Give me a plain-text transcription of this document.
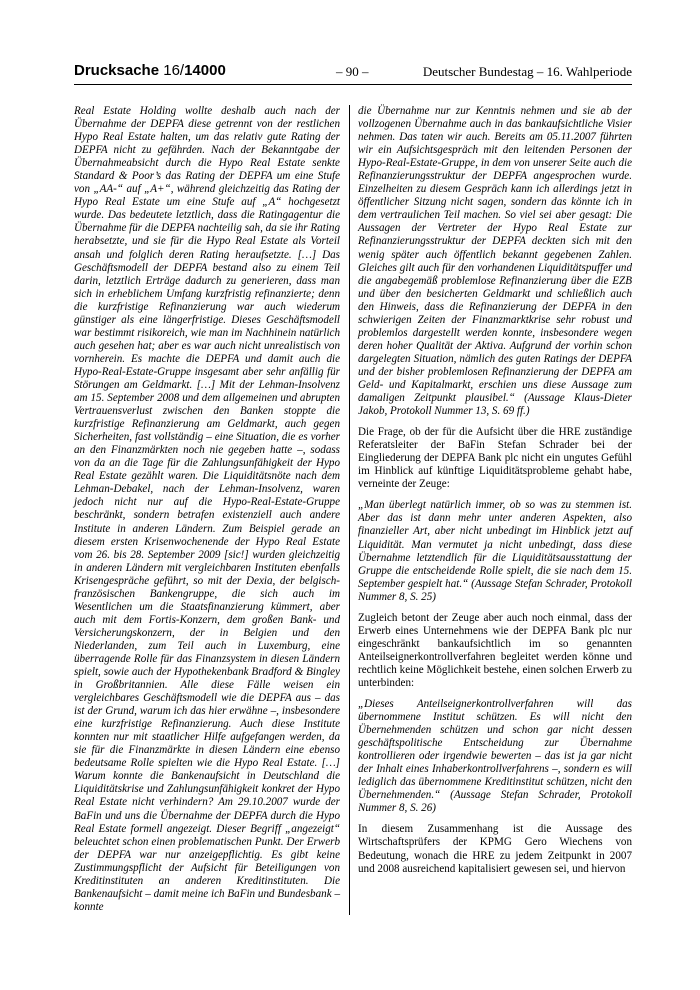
Drucksache 16/14000	– 90 –	Deutscher Bundestag – 16. Wahlperiode

Real Estate Holding wollte deshalb auch nach der Übernahme der DEPFA diese getrennt von der restlichen Hypo Real Estate halten, um das relativ gute Rating der DEPFA nicht zu gefährden. Nach der Bekanntgabe der Übernahmeabsicht durch die Hypo Real Estate senkte Standard & Poor’s das Rating der DEPFA um eine Stufe von „AA-“ auf „A+“, während gleichzeitig das Rating der Hypo Real Estate um eine Stufe auf „A“ hochgesetzt wurde. Das bedeutete letztlich, dass die Ratingagentur die Übernahme für die DEPFA nachteilig sah, da sie ihr Rating herabsetzte, und sie für die Hypo Real Estate als Vorteil ansah und folglich deren Rating heraufsetzte. […] Das Geschäftsmodell der DEPFA bestand also zu einem Teil darin, letztlich Erträge dadurch zu generieren, dass man sich in erheblichem Umfang kurzfristig refinanzierte; denn die kurzfristige Refinanzierung war auch wiederum günstiger als eine längerfristige. Dieses Geschäftsmodell war bestimmt risikoreich, wie man im Nachhinein natürlich auch gesehen hat; aber es war auch nicht unrealistisch von vornherein. Es machte die DEPFA und damit auch die Hypo-Real-Estate-Gruppe insgesamt aber sehr anfällig für Störungen am Geldmarkt. […] Mit der Lehman-Insolvenz am 15. September 2008 und dem allgemeinen und abrupten Vertrauensverlust zwischen den Banken stoppte die kurzfristige Refinanzierung am Geldmarkt, auch gegen Sicherheiten, fast vollständig – eine Situation, die es vorher an den Finanzmärkten noch nie gegeben hatte –, sodass von da an die Tage für die Zahlungsunfähigkeit der Hypo Real Estate gezählt waren. Die Liquiditätsnöte nach dem Lehman-Debakel, nach der Lehman-Insolvenz, waren jedoch nicht nur auf die Hypo-Real-Estate-Gruppe beschränkt, sondern betrafen existenziell auch andere Institute in anderen Ländern. Zum Beispiel gerade an diesem ersten Krisenwochenende der Hypo Real Estate vom 26. bis 28. September 2009 [sic!] wurden gleichzeitig in anderen Ländern mit vergleichbaren Instituten ebenfalls Krisengespräche geführt, so mit der Dexia, der belgisch-französischen Bankengruppe, die sich auch im Wesentlichen um die Staatsfinanzierung kümmert, aber auch mit dem Fortis-Konzern, dem großen Bank- und Versicherungskonzern, der in Belgien und den Niederlanden, zum Teil auch in Luxemburg, eine überragende Rolle für das Finanzsystem in diesen Ländern spielt, sowie auch der Hypothekenbank Bradford & Bingley in Großbritannien. Alle diese Fälle weisen ein vergleichbares Geschäftsmodell wie die DEPFA aus – das ist der Grund, warum ich das hier erwähne –, insbesondere eine kurzfristige Refinanzierung. Auch diese Institute konnten nur mit staatlicher Hilfe aufgefangen werden, da sie für die Finanzmärkte in diesen Ländern eine ebenso bedeutsame Rolle spielten wie die Hypo Real Estate. […] Warum konnte die Bankenaufsicht in Deutschland die Liquiditätskrise und Zahlungsunfähigkeit konkret der Hypo Real Estate nicht verhindern? Am 29.10.2007 wurde der BaFin und uns die Übernahme der DEPFA durch die Hypo Real Estate formell angezeigt. Dieser Begriff „angezeigt“ beleuchtet schon einen problematischen Punkt. Der Erwerb der DEPFA war nur anzeigepflichtig. Es gibt keine Zustimmungspflicht der Aufsicht für Beteiligungen von Kreditinstituten an anderen Kreditinstituten. Die Bankenaufsicht – damit meine ich BaFin und Bundesbank – konnte

die Übernahme nur zur Kenntnis nehmen und sie ab der vollzogenen Übernahme auch in das bankaufsichtliche Visier nehmen. Das taten wir auch. Bereits am 05.11.2007 führten wir ein Aufsichtsgespräch mit den leitenden Personen der Hypo-Real-Estate-Gruppe, in dem von unserer Seite auch die Refinanzierungsstruktur der DEPFA angesprochen wurde. Einzelheiten zu diesem Gespräch kann ich allerdings jetzt in öffentlicher Sitzung nicht sagen, sondern das könnte ich in dem vertraulichen Teil machen. So viel sei aber gesagt: Die Aussagen der Vertreter der Hypo Real Estate zur Refinanzierungsstruktur der DEPFA deckten sich mit den wenig später auch öffentlich bekannt gegebenen Zahlen. Gleiches gilt auch für den vorhandenen Liquiditätspuffer und die angabegemäß problemlose Refinanzierung über die EZB und über den besicherten Geldmarkt und schließlich auch den Hinweis, dass die Refinanzierung der DEPFA in den schwierigen Zeiten der Finanzmarktkrise sehr robust und problemlos dargestellt werden konnte, insbesondere wegen deren hoher Qualität der Aktiva. Aufgrund der vorhin schon dargelegten Situation, nämlich des guten Ratings der DEPFA und der bisher problemlosen Refinanzierung der DEPFA am Geld- und Kapitalmarkt, erschien uns diese Aussage zum damaligen Zeitpunkt plausibel.“ (Aussage Klaus-Dieter Jakob, Protokoll Nummer 13, S. 69 ff.)

Die Frage, ob der für die Aufsicht über die HRE zuständige Referatsleiter der BaFin Stefan Schrader bei der Eingliederung der DEPFA Bank plc nicht ein ungutes Gefühl im Hinblick auf künftige Liquiditätsprobleme gehabt habe, verneinte der Zeuge:

„Man überlegt natürlich immer, ob so was zu stemmen ist. Aber das ist dann mehr unter anderen Aspekten, also finanzieller Art, aber nicht unbedingt im Hinblick jetzt auf Liquidität. Man vermutet ja nicht unbedingt, dass diese Übernahme letztendlich für die Liquiditätsausstattung der Gruppe die entscheidende Rolle spielt, die sie nach dem 15. September gespielt hat.“ (Aussage Stefan Schrader, Protokoll Nummer 8, S. 25)

Zugleich betont der Zeuge aber auch noch einmal, dass der Erwerb eines Unternehmens wie der DEPFA Bank plc nur eingeschränkt bankaufsichtlich im so genannten Anteilseignerkontrollverfahren begleitet werden könne und rechtlich keine Möglichkeit bestehe, einen solchen Erwerb zu unterbinden:

„Dieses Anteilseignerkontrollverfahren will das übernommene Institut schützen. Es will nicht den Übernehmenden schützen und schon gar nicht dessen geschäftspolitische Entscheidung zur Übernahme kontrollieren oder irgendwie bewerten – das ist ja gar nicht der Inhalt eines Inhaberkontrollverfahrens –, sondern es will lediglich das übernommene Kreditinstitut schützen, nicht den Übernehmenden.“ (Aussage Stefan Schrader, Protokoll Nummer 8, S. 26)

In diesem Zusammenhang ist die Aussage des Wirtschaftsprüfers der KPMG Gero Wiechens von Bedeutung, wonach die HRE zu jedem Zeitpunkt in 2007 und 2008 ausreichend kapitalisiert gewesen sei, und hiervon
